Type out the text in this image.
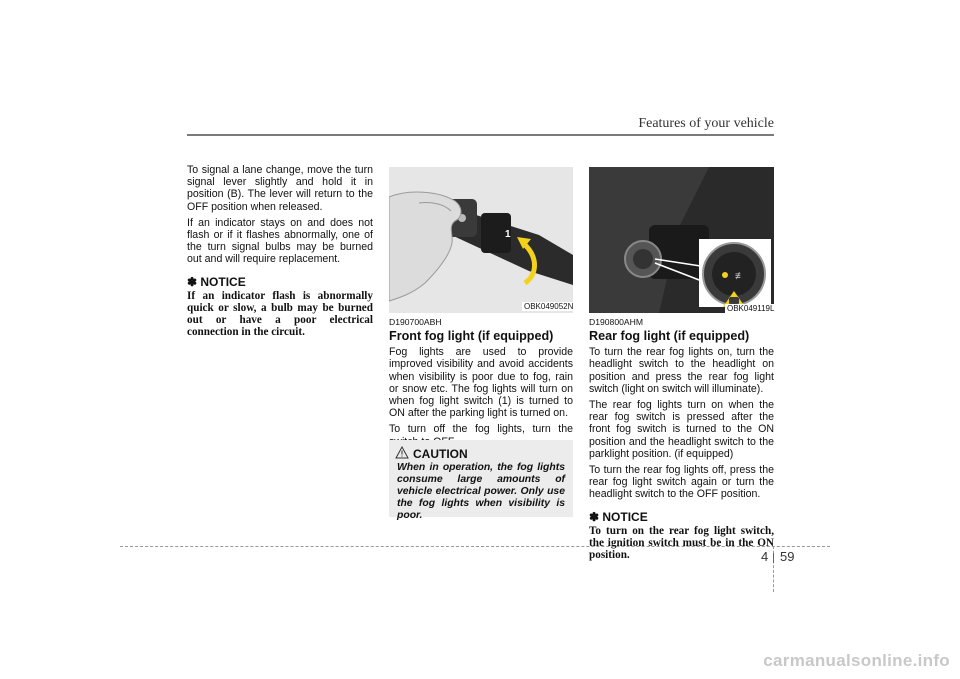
Features of your vehicle

To signal a lane change, move the turn signal lever slightly and hold it in position (B). The lever will return to the OFF position when released.

If an indicator stays on and does not flash or if it flashes abnormally, one of the turn signal bulbs may be burned out and will require replacement.

✽ NOTICE
If an indicator flash is abnormally quick or slow, a bulb may be burned out or have a poor electrical connection in the circuit.
1
OBK049052N
D190700ABH
Front fog light (if equipped)

Fog lights are used to provide improved visibility and avoid accidents when visibility is poor due to fog, rain or snow etc. The fog lights will turn on when fog light switch (1) is turned to ON after the parking light is turned on.

To turn off the fog lights, turn the

CAUTION
When in operation, the fog lights consume large amounts of vehicle electrical power. Only use the fog lights when visibility is poor.
≢
OBK049119L
D190800AHM
Rear fog light (if equipped)

To turn the rear fog lights on, turn the headlight switch to the headlight on position and press the rear fog light switch (light on switch will illuminate).

The rear fog lights turn on when the rear fog switch is pressed after the front fog switch is turned to the ON position and the headlight switch to the parklight position. (if equipped)

To turn the rear fog lights off, press the rear fog light switch again or turn the headlight switch to the OFF position.

✽ NOTICE
To turn on the rear fog light switch, the ignition switch must be in the ON position.	4 59
carmanualsonline.info
